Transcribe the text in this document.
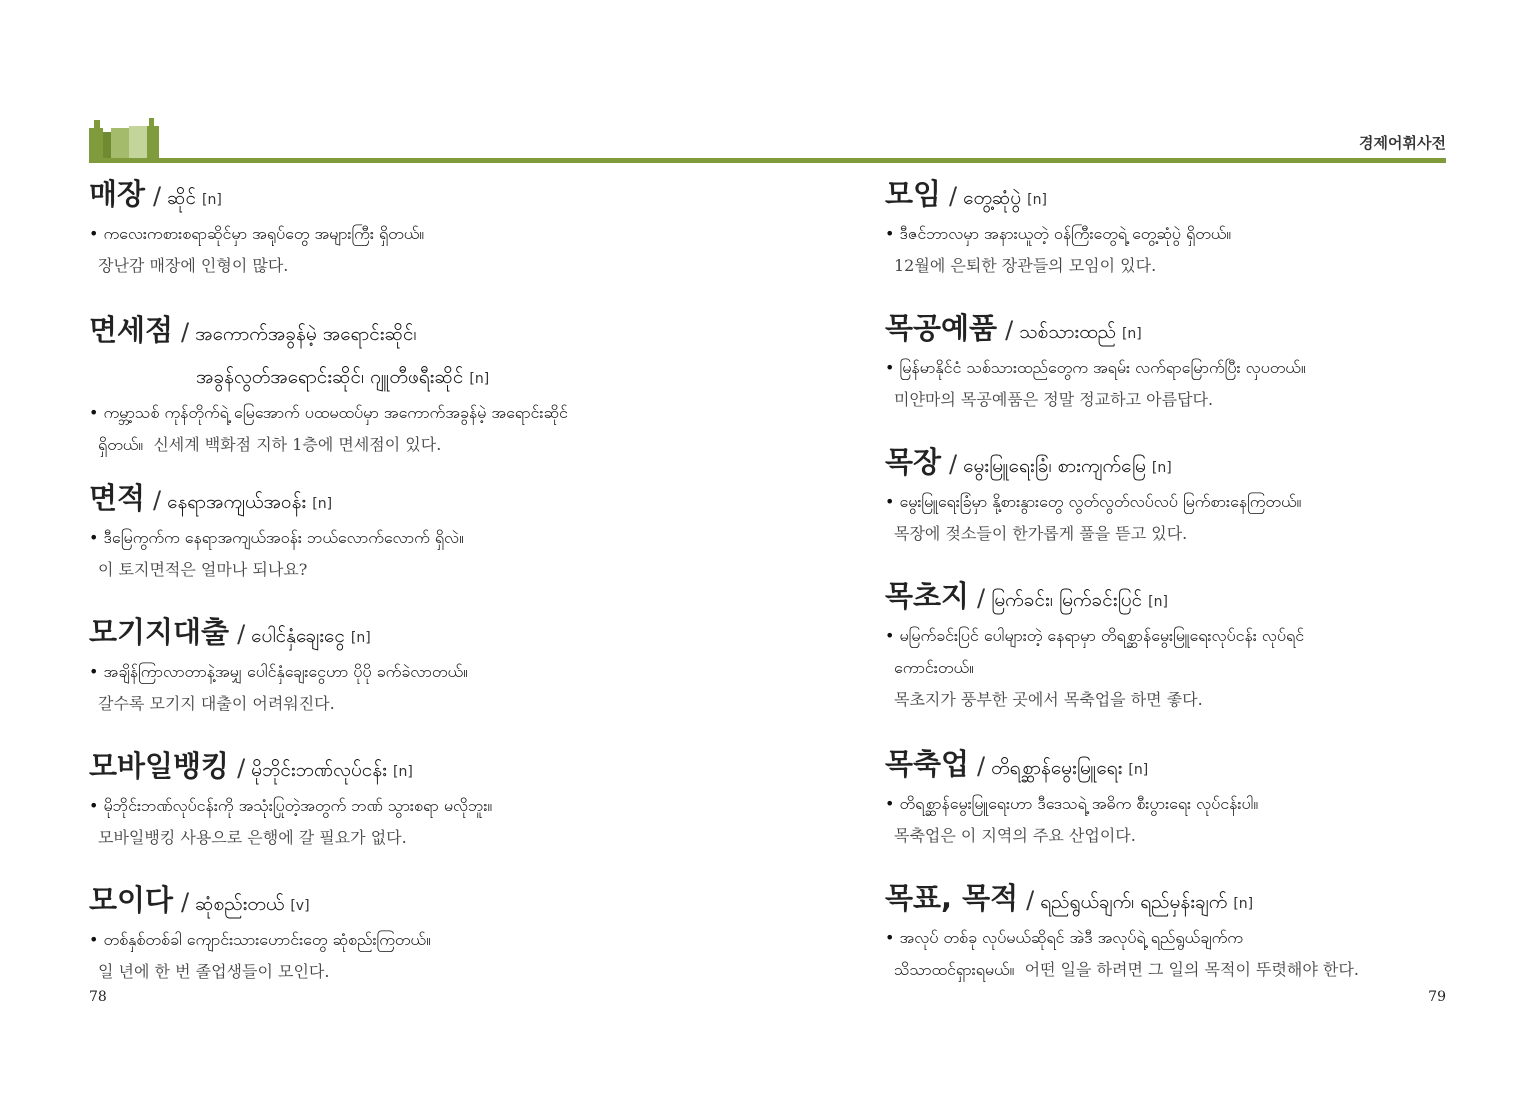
경제어휘사전
매장 / ဆိုင် [n]
• ကလေးကစားစရာဆိုင်မှာ အရုပ်တွေ အများကြီး ရှိတယ်။
장난감 매장에 인형이 많다.
면세점 / အကောက်အခွန်မဲ့ အရောင်းဆိုင်၊
အခွန်လွတ်အရောင်းဆိုင်၊ ဂျူတီဖရီးဆိုင် [n]
• ကမ္ဘာ့သစ် ကုန်တိုက်ရဲ့ မြေအောက် ပထမထပ်မှာ အကောက်အခွန်မဲ့ အရောင်းဆိုင်
ရှိတယ်။ 신세계 백화점 지하 1층에 면세점이 있다.
면적 / နေရာအကျယ်အဝန်း [n]
• ဒီမြေကွက်က နေရာအကျယ်အဝန်း ဘယ်လောက်လောက် ရှိလဲ။
이 토지면적은 얼마나 되나요?
모기지대출 / ပေါင်နှံချေးငွေ [n]
• အချိန်ကြာလာတာနဲ့အမျှ ပေါင်နှံချေးငွေဟာ ပိုပို ခက်ခဲလာတယ်။
갈수록 모기지 대출이 어려워진다.
모바일뱅킹 / မိုဘိုင်းဘဏ်လုပ်ငန်း [n]
• မိုဘိုင်းဘဏ်လုပ်ငန်းကို အသုံးပြုတဲ့အတွက် ဘဏ် သွားစရာ မလိုဘူး။
모바일뱅킹 사용으로 은행에 갈 필요가 없다.
모이다 / ဆုံစည်းတယ် [v]
• တစ်နှစ်တစ်ခါ ကျောင်းသားဟောင်းတွေ ဆုံစည်းကြတယ်။
일 년에 한 번 졸업생들이 모인다.
모임 / တွေ့ဆုံပွဲ [n]
• ဒီဇင်ဘာလမှာ အနားယူတဲ့ ဝန်ကြီးတွေရဲ့ တွေ့ဆုံပွဲ ရှိတယ်။
12월에 은퇴한 장관들의 모임이 있다.
목공예품 / သစ်သားထည် [n]
• မြန်မာနိုင်ငံ သစ်သားထည်တွေက အရမ်း လက်ရာမြောက်ပြီး လှပတယ်။
미얀마의 목공예품은 정말 정교하고 아름답다.
목장 / မွေးမြူရေးခြံ၊ စားကျက်မြေ [n]
• မွေးမြူရေးခြံမှာ နို့စားနွားတွေ လွတ်လွတ်လပ်လပ် မြက်စားနေကြတယ်။
목장에 젖소들이 한가롭게 풀을 뜯고 있다.
목초지 / မြက်ခင်း၊ မြက်ခင်းပြင် [n]
• မမြက်ခင်းပြင် ပေါများတဲ့ နေရာမှာ တိရစ္ဆာန်မွေးမြူရေးလုပ်ငန်း လုပ်ရင်
ကောင်းတယ်။
목초지가 풍부한 곳에서 목축업을 하면 좋다.
목축업 / တိရစ္ဆာန်မွေးမြူရေး [n]
• တိရစ္ဆာန်မွေးမြူရေးဟာ ဒီဒေသရဲ့ အဓိက စီးပွားရေး လုပ်ငန်းပါ။
목축업은 이 지역의 주요 산업이다.
목표, 목적 / ရည်ရွယ်ချက်၊ ရည်မှန်းချက် [n]
• အလုပ် တစ်ခု လုပ်မယ်ဆိုရင် အဲဒီ အလုပ်ရဲ့ ရည်ရွယ်ချက်က
သိသာထင်ရှားရမယ်။ 어떤 일을 하려면 그 일의 목적이 뚜렷해야 한다.
78	79
